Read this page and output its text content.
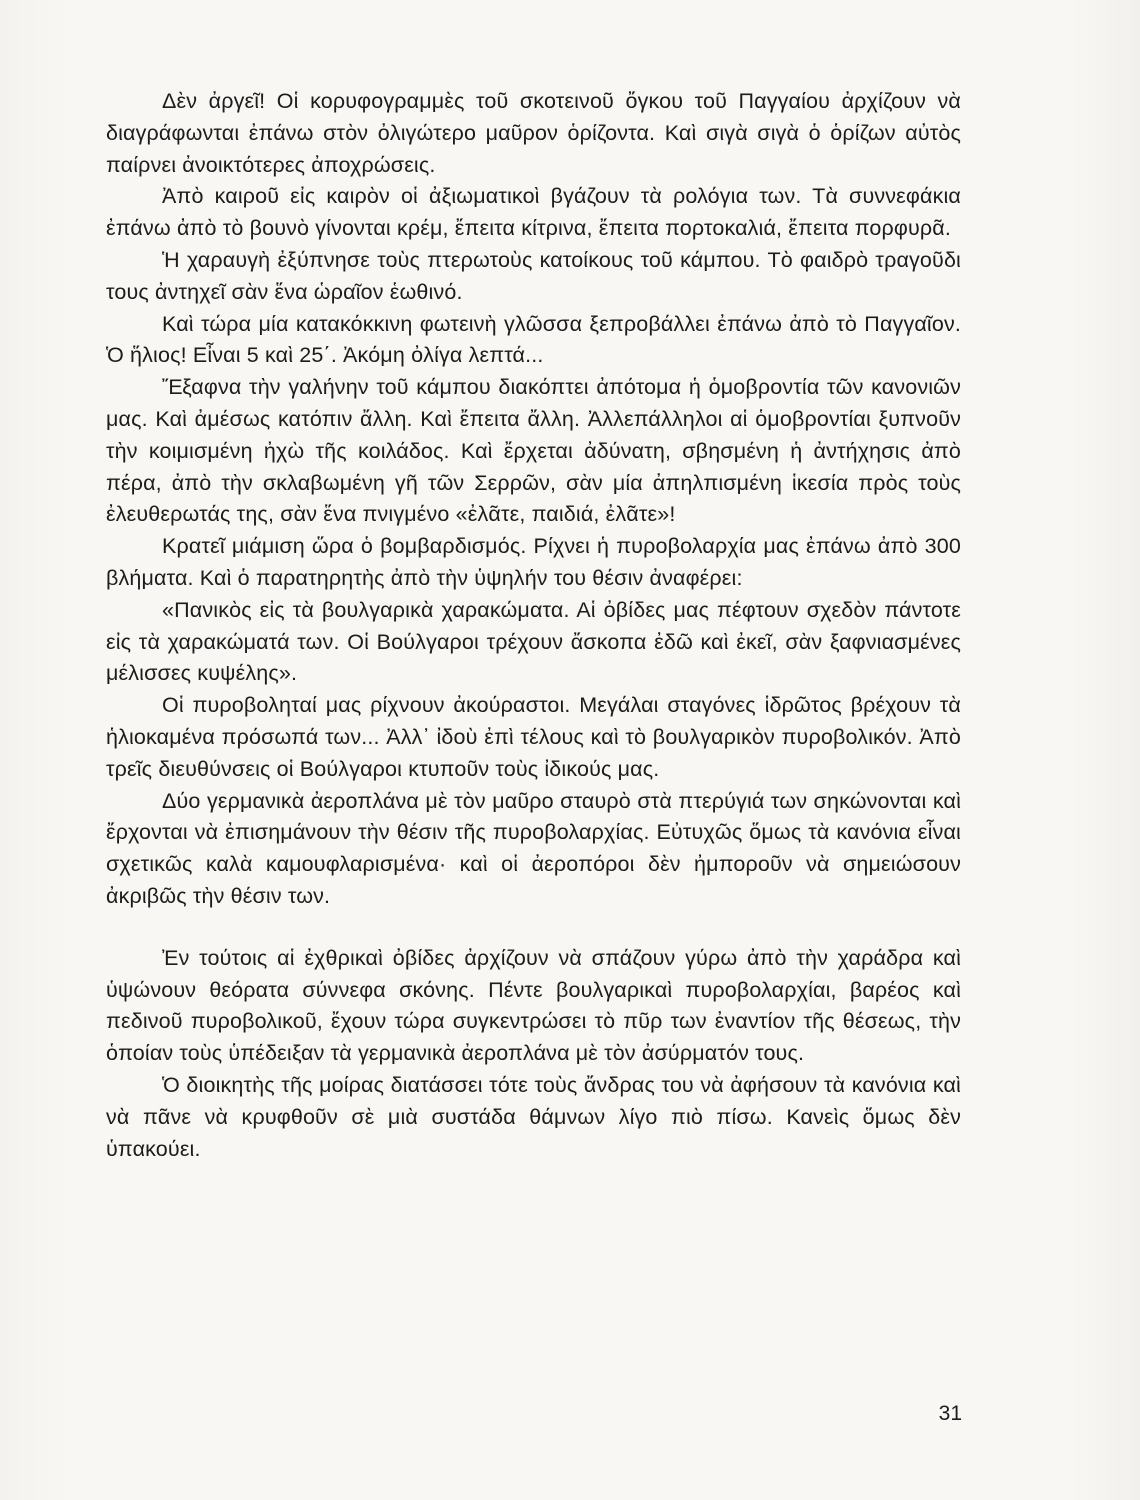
Δὲν ἀργεῖ! Οἱ κορυφογραμμὲς τοῦ σκοτεινοῦ ὄγκου τοῦ Παγγαίου ἀρχίζουν νὰ διαγράφωνται ἐπάνω στὸν ὀλιγώτερο μαῦρον ὁρίζοντα. Καὶ σιγὰ σιγὰ ὁ ὁρίζων αὐτὸς παίρνει ἀνοικτότερες ἀποχρώσεις.

Ἀπὸ καιροῦ εἰς καιρὸν οἱ ἀξιωματικοὶ βγάζουν τὰ ρολόγια των. Τὰ συννεφάκια ἐπάνω ἀπὸ τὸ βουνὸ γίνονται κρέμ, ἔπειτα κίτρινα, ἔπειτα πορτοκαλιά, ἔπειτα πορφυρᾶ.

Ἡ χαραυγὴ ἐξύπνησε τοὺς πτερωτοὺς κατοίκους τοῦ κάμπου. Τὸ φαιδρὸ τραγοῦδι τους ἀντηχεῖ σὰν ἕνα ὡραῖον ἑωθινό.

Καὶ τώρα μία κατακόκκινη φωτεινὴ γλῶσσα ξεπροβάλλει ἐπάνω ἀπὸ τὸ Παγγαῖον. Ὁ ἥλιος! Εἶναι 5 καὶ 25΄. Ἀκόμη ὀλίγα λεπτά...

Ἔξαφνα τὴν γαλήνην τοῦ κάμπου διακόπτει ἀπότομα ἡ ὁμοβροντία τῶν κανονιῶν μας. Καὶ ἀμέσως κατόπιν ἄλλη. Καὶ ἔπειτα ἄλλη. Ἀλλεπάλληλοι αἱ ὁμοβροντίαι ξυπνοῦν τὴν κοιμισμένη ἠχὼ τῆς κοιλάδος. Καὶ ἔρχεται ἀδύνατη, σβησμένη ἡ ἀντήχησις ἀπὸ πέρα, ἀπὸ τὴν σκλαβωμένη γῆ τῶν Σερρῶν, σὰν μία ἀπηλπισμένη ἱκεσία πρὸς τοὺς ἐλευθερωτάς της, σὰν ἕνα πνιγμένο «ἐλᾶτε, παιδιά, ἐλᾶτε»!

Κρατεῖ μιάμιση ὥρα ὁ βομβαρδισμός. Ρίχνει ἡ πυροβολαρχία μας ἐπάνω ἀπὸ 300 βλήματα. Καὶ ὁ παρατηρητὴς ἀπὸ τὴν ὑψηλήν του θέσιν ἀναφέρει:

«Πανικὸς εἰς τὰ βουλγαρικὰ χαρακώματα. Αἱ ὀβίδες μας πέφτουν σχεδὸν πάντοτε εἰς τὰ χαρακώματά των. Οἱ Βούλγαροι τρέχουν ἄσκοπα ἐδῶ καὶ ἐκεῖ, σὰν ξαφνιασμένες μέλισσες κυψέλης».

Οἱ πυροβοληταί μας ρίχνουν ἀκούραστοι. Μεγάλαι σταγόνες ἱδρῶτος βρέχουν τὰ ἡλιοκαμένα πρόσωπά των... Ἀλλ᾽ ἰδοὺ ἐπὶ τέλους καὶ τὸ βουλγαρικὸν πυροβολικόν. Ἀπὸ τρεῖς διευθύνσεις οἱ Βούλγαροι κτυποῦν τοὺς ἰδικούς μας.

Δύο γερμανικὰ ἀεροπλάνα μὲ τὸν μαῦρο σταυρὸ στὰ πτερύγιά των σηκώνονται καὶ ἔρχονται νὰ ἐπισημάνουν τὴν θέσιν τῆς πυροβολαρχίας. Εὐτυχῶς ὅμως τὰ κανόνια εἶναι σχετικῶς καλὰ καμουφλαρισμένα· καὶ οἱ ἀεροπόροι δὲν ἠμποροῦν νὰ σημειώσουν ἀκριβῶς τὴν θέσιν των.

Ἐν τούτοις αἱ ἐχθρικαὶ ὀβίδες ἀρχίζουν νὰ σπάζουν γύρω ἀπὸ τὴν χαράδρα καὶ ὑψώνουν θεόρατα σύννεφα σκόνης. Πέντε βουλγαρικαὶ πυροβολαρχίαι, βαρέος καὶ πεδινοῦ πυροβολικοῦ, ἔχουν τώρα συγκεντρώσει τὸ πῦρ των ἐναντίον τῆς θέσεως, τὴν ὁποίαν τοὺς ὑπέδειξαν τὰ γερμανικὰ ἀεροπλάνα μὲ τὸν ἀσύρματόν τους.

Ὁ διοικητὴς τῆς μοίρας διατάσσει τότε τοὺς ἄνδρας του νὰ ἀφήσουν τὰ κανόνια καὶ νὰ πᾶνε νὰ κρυφθοῦν σὲ μιὰ συστάδα θάμνων λίγο πιὸ πίσω. Κανεὶς ὅμως δὲν ὑπακούει.

31
